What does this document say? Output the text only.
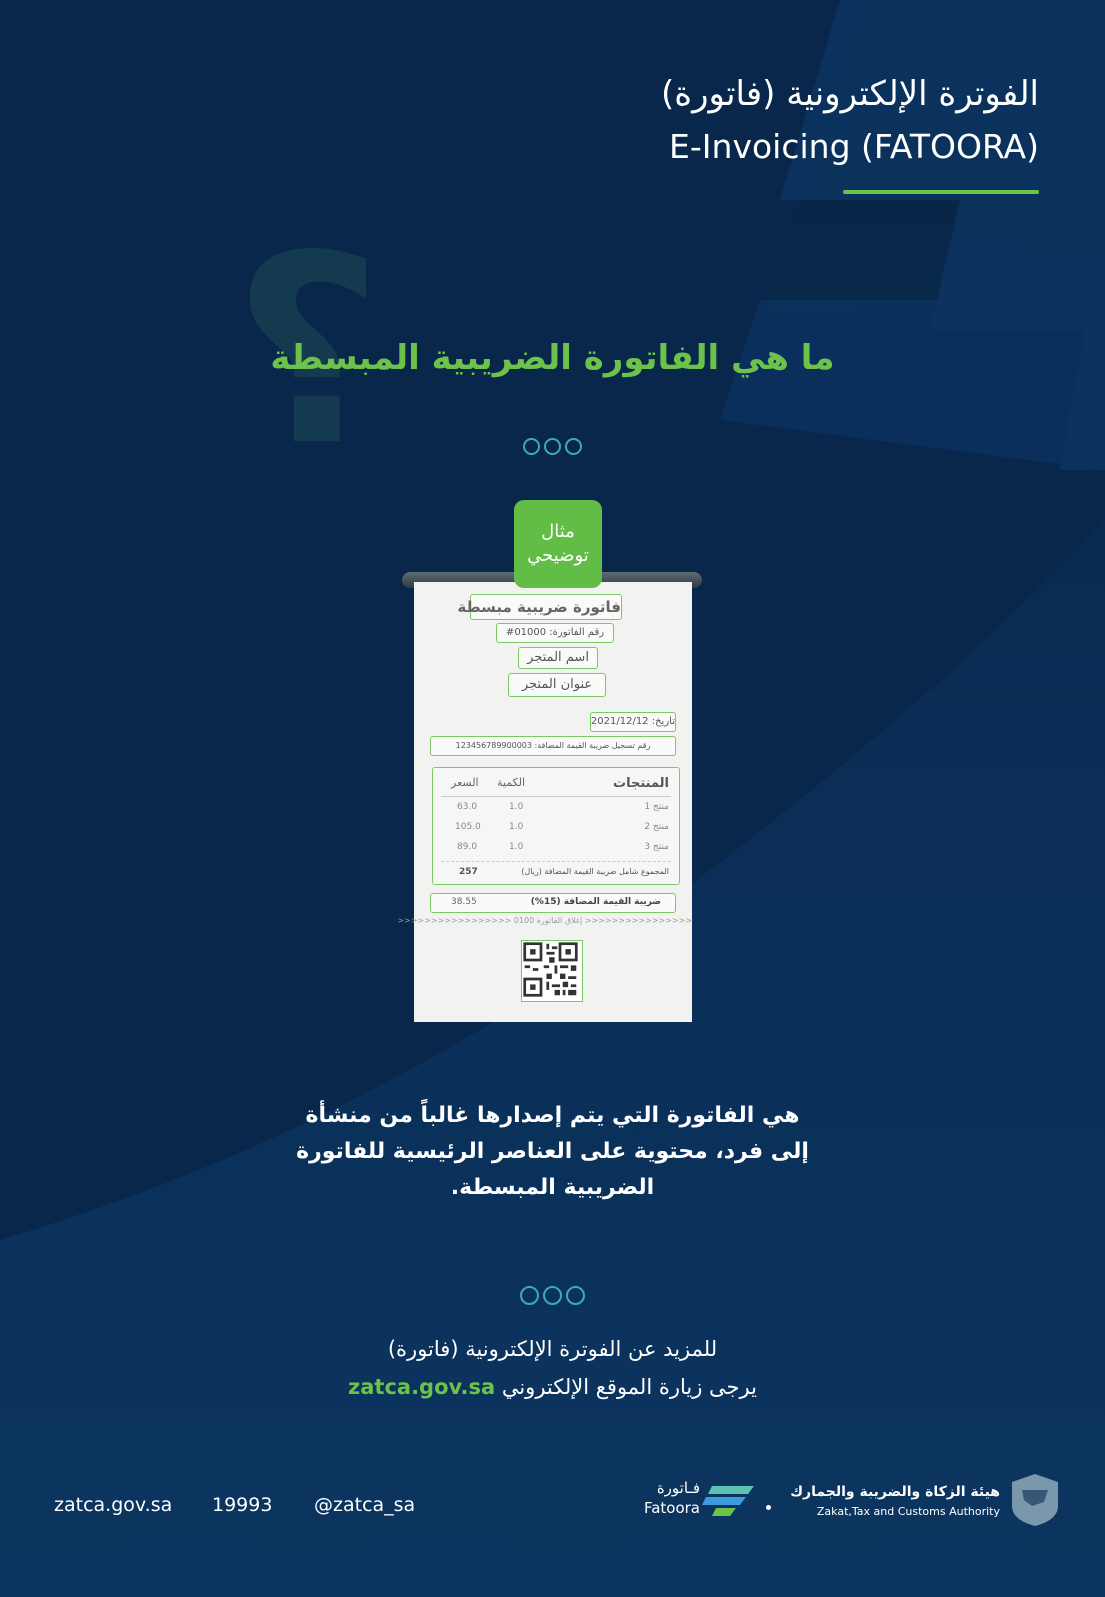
الفوترة الإلكترونية (فاتورة)
E-Invoicing (FATOORA)
؟
ما هي الفاتورة الضريبية المبسطة
فاتورة ضريبية مبسطة
رقم الفاتورة: 01000#
اسم المتجر
عنوان المتجر
تاريخ: 2021/12/12
رقم تسجيل ضريبة القيمة المضافة: 123456789900003
المنتجات
الكمية
السعر
منتج 1
1.0
63.0
منتج 2
1.0
105.0
منتج 3
1.0
89.0
المجموع شامل ضريبة القيمة المضافة (ريال)
257
ضريبة القيمة المضافة (15%)
38.55
<<<<<<<<<<<<<<<< إغلاق الفاتورة 0100 <<<<<<<<<<<<<<<<<
مثال
توضيحي
هي الفاتورة التي يتم إصدارها غالباً من منشأة
إلى فرد، محتوية على العناصر الرئيسية للفاتورة
الضريبية المبسطة.
للمزيد عن الفوترة الإلكترونية (فاتورة)
يرجى زيارة الموقع الإلكتروني zatca.gov.sa
zatca.gov.sa 19993 @zatca_sa
فـاتورة
Fatoora
هيئة الزكاة والضريبة والجمارك
Zakat,Tax and Customs Authority
